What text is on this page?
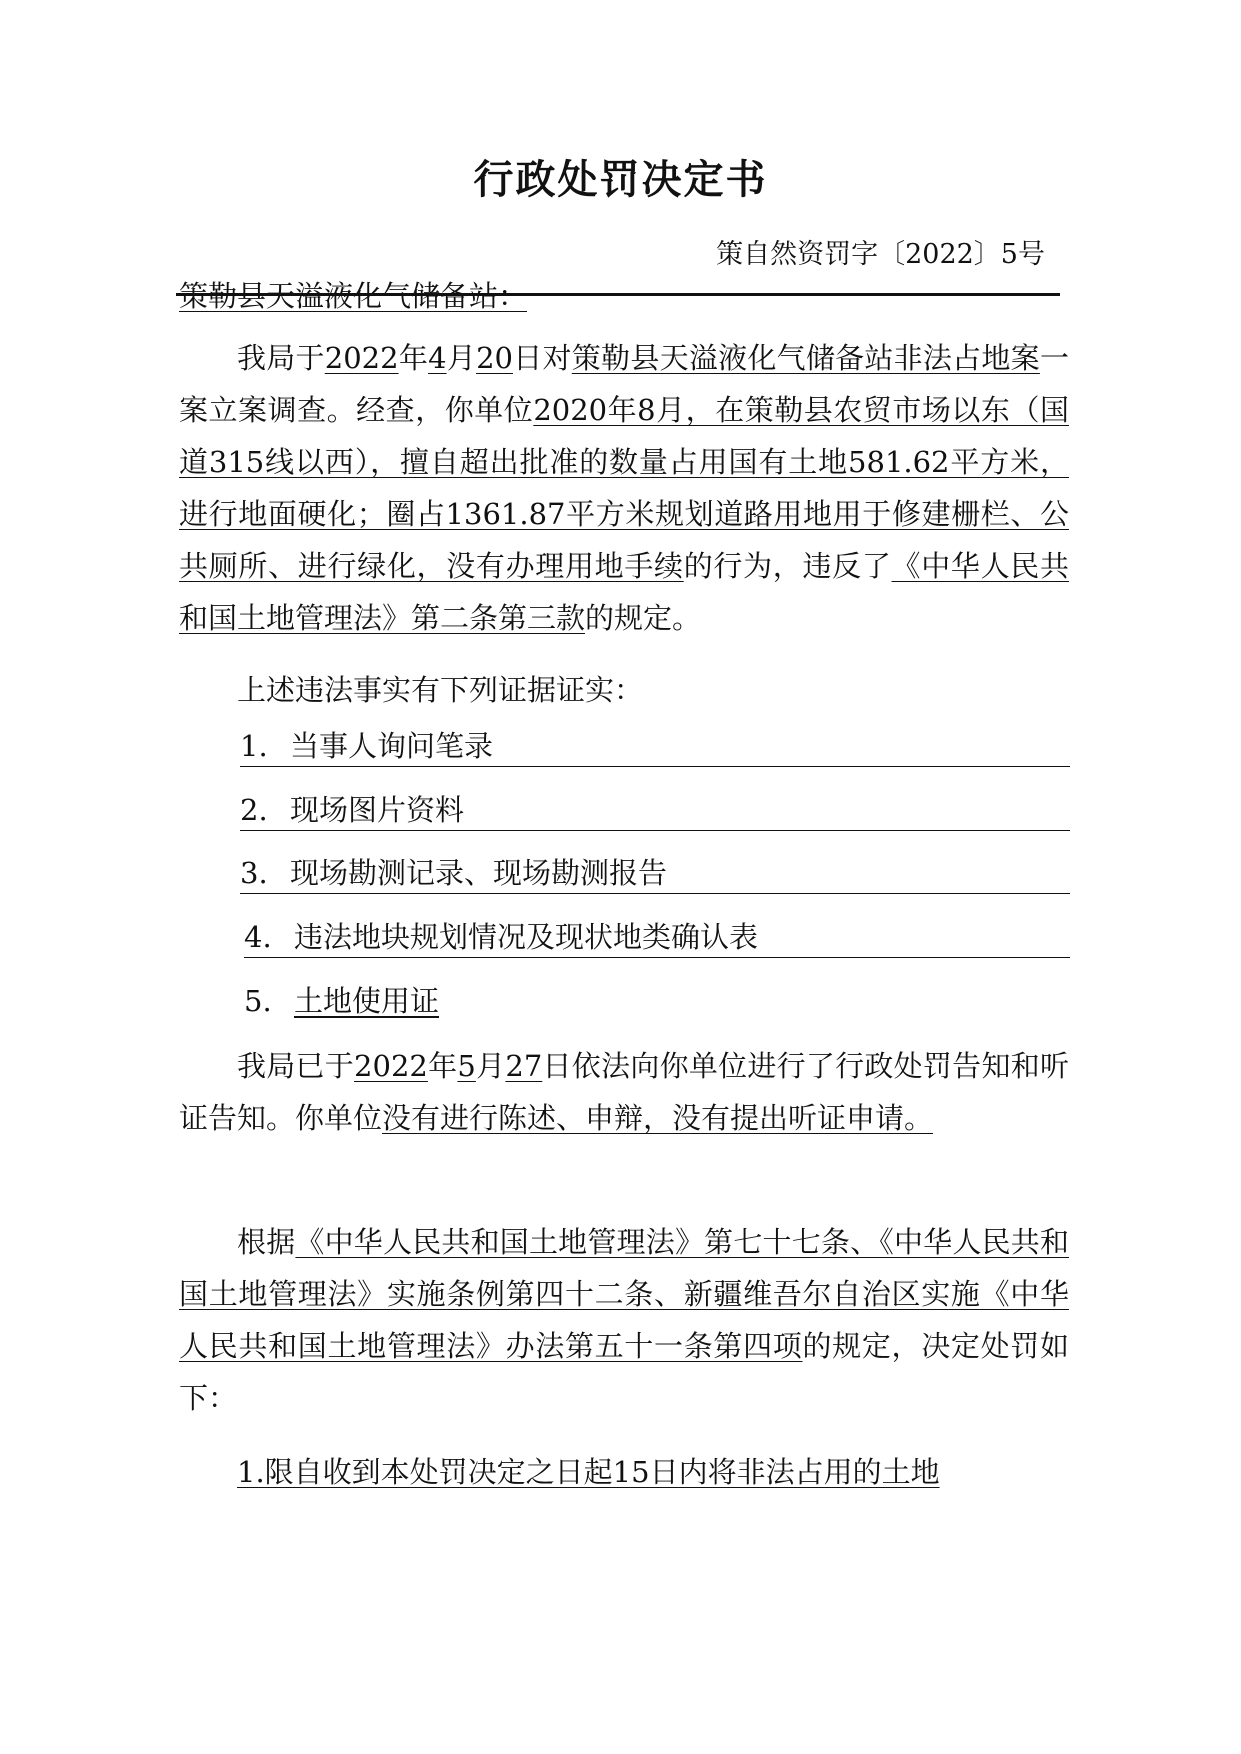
行政处罚决定书

策自然资罚字〔2022〕5号

策勒县天溢液化气储备站：

我局于2022年4月20日对策勒县天溢液化气储备站非法占地案一案立案调查。经查，你单位2020年8月，在策勒县农贸市场以东（国道315线以西），擅自超出批准的数量占用国有土地581.62平方米，进行地面硬化；圈占1361.87平方米规划道路用地用于修建栅栏、公共厕所、进行绿化，没有办理用地手续的行为，违反了《中华人民共和国土地管理法》第二条第三款的规定。

上述违法事实有下列证据证实：

1. 当事人询问笔录

2. 现场图片资料

3. 现场勘测记录、现场勘测报告

4. 违法地块规划情况及现状地类确认表

5. 土地使用证

我局已于2022年5月27日依法向你单位进行了行政处罚告知和听证告知。你单位没有进行陈述、申辩，没有提出听证申请。

根据《中华人民共和国土地管理法》第七十七条、《中华人民共和国土地管理法》实施条例第四十二条、新疆维吾尔自治区实施《中华人民共和国土地管理法》办法第五十一条第四项的规定，决定处罚如下：

1.限自收到本处罚决定之日起15日内将非法占用的土地
